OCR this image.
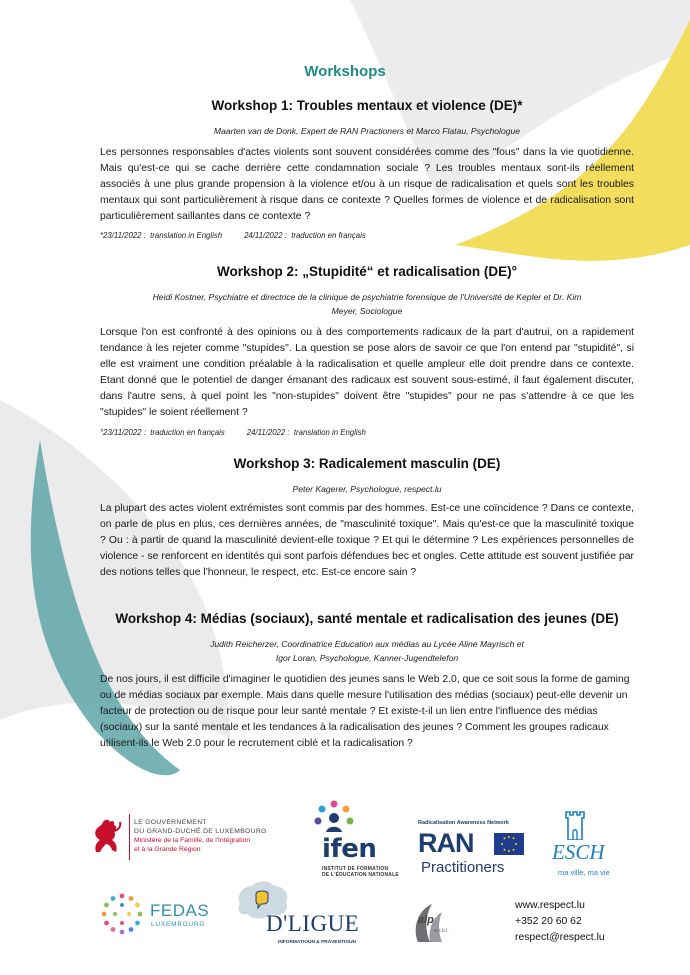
Workshops
Workshop 1: Troubles mentaux et violence (DE)*
Maarten van de Donk, Expert de RAN Practioners et Marco Flatau, Psychologue
Les personnes responsables d'actes violents sont souvent considérées comme des "fous" dans la vie quotidienne. Mais qu'est-ce qui se cache derrière cette condamnation sociale ? Les troubles mentaux sont-ils réellement associés à une plus grande propension à la violence et/ou à un risque de radicalisation et quels sont les troubles mentaux qui sont particulièrement à risque dans ce contexte ? Quelles formes de violence et de radicalisation sont particulièrement saillantes dans ce contexte ?
*23/11/2022 :  translation in English	24/11/2022 :  traduction en français
Workshop 2: „Stupidité“ et radicalisation (DE)°
Heidi Kostner, Psychiatre et directrice de la clinique de psychiatrie forensique de l'Université de Kepler et Dr. Kim
Meyer, Sociologue
Lorsque l'on est confronté à des opinions ou à des comportements radicaux de la part d'autrui, on a rapidement tendance à les rejeter comme "stupides". La question se pose alors de savoir ce que l'on entend par "stupidité", si elle est vraiment une condition préalable à la radicalisation et quelle ampleur elle doit prendre dans ce contexte. Etant donné que le potentiel de danger émanant des radicaux est souvent sous-estimé, il faut également discuter, dans l'autre sens, à quel point les "non-stupides" doivent être "stupides" pour ne pas s'attendre à ce que les "stupides" le soient réellement ?
°23/11/2022 :  traduction en français	24/11/2022 :  translation in English
Workshop 3: Radicalement masculin (DE)
Peter Kagerer, Psychologue, respect.lu
La plupart des actes violent extrémistes sont commis par des hommes. Est-ce une coïncidence ? Dans ce contexte, on parle de plus en plus, ces dernières années, de "masculinité toxique". Mais qu'est-ce que la masculinité toxique ? Ou : à partir de quand la masculinité devient-elle toxique ? Et qui le détermine ? Les expériences personnelles de violence - se renforcent en identités qui sont parfois défendues bec et ongles. Cette attitude est souvent justifiée par des notions telles que l'honneur, le respect, etc. Est-ce encore sain ?
Workshop 4: Médias (sociaux), santé mentale et radicalisation des jeunes (DE)
Judith Reicherzer, Coordinatrice Education aux médias au Lycée Aline Mayrisch et
Igor Loran, Psychologue, Kanner-Jugendtelefon
De nos jours, il est difficile d'imaginer le quotidien des jeunes sans le Web 2.0, que ce soit sous la forme de gaming ou de médias sociaux par exemple. Mais dans quelle mesure l'utilisation des médias (sociaux) peut-elle devenir un facteur de protection ou de risque pour leur santé mentale ? Et existe-t-il un lien entre l'influence des médias (sociaux) sur la santé mentale et les tendances à la radicalisation des jeunes ? Comment les groupes radicaux utilisent-ils le Web 2.0 pour le recrutement ciblé et la radicalisation ?
LE GOUVERNEMENT
DU GRAND-DUCHÉ DE LUXEMBOURG
Ministère de la Famille, de l'Intégration
et à la Grande Région	ifen
INSTITUT DE FORMATION
DE L'ÉDUCATION NATIONALE
Radicalisation Awareness Network
RAN
Practitioners
ESCH
ma ville, ma vie
FEDAS
LUXEMBOURG	D'LIGUE
INFORMATIOUN & PRÄVENTIOUN
alp
a.s.b.l.
www.respect.lu
+352 20 60 62
respect@respect.lu
